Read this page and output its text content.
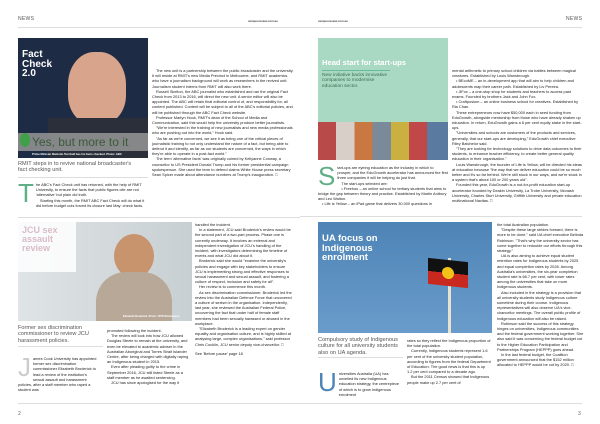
NEWS	campusreview.com.au
Fact Check 2.0
Yes, but more to it
Prime Minister Malcolm Turnbull has his facts checked. Photo: ABC
RMIT steps in to revive national broadcaster's fact checking unit.

The ABC's Fact Check unit has returned, with the help of RMIT University, to ensure the facts that public figures cite are not 'alternative' but plain old truth.

Starting this month, the RMIT ABC Fact Check will do what it did before budget cuts forced its closure last May: check facts.

The new unit is a partnership between the public broadcaster and the university. It will reside at RMIT's new Media Precinct in Melbourne, and RMIT academics who have a journalism background will work as researchers in the revived unit. Journalism student interns from RMIT will also work there.

Russell Skelton, the ABC journalist who established and ran the original Fact Check from 2013 to 2016, will direct the new unit. A senior editor will also be appointed. The ABC will retain final editorial control of, and responsibility for, all content published. Content will be subject to all of the ABC's editorial policies, and will be published through the ABC Fact Check website.

Professor Martyn Hook, RMIT's dean of the School of Media and Communication, said this would help the university produce better journalists.

"We're interested in the training of new journalists and new media professionals who are pushing out into the world," Hook said.

"As far as we're concerned, we see it as being one of the critical pieces of journalistic training to not only understand the nature of a fact, but being able to defend it and identify, as far as our students are concerned, the ways in which they're able to operate in a post-fact world."

The term 'alternative facts' was originally coined by Kellyanne Conway, a counsellor to US President Donald Trump and his former presidential campaign spokesperson. She used the term to defend claims White House press secretary Sean Spicer made about attendance numbers at Trump's inauguration. □

JCU sex assault review
Elizabeth Broderick. Photo: UPW Workspaces
Former sex discrimination commissioner to review JCU harassment policies.

James Cook University has appointed former sex discrimination commissioner Elizabeth Broderick to lead a review of the institution's sexual assault and harassment policies, after a staff member who raped a student was

promoted following the incident.

The review will look into how JCU allowed Douglas Steele to remain at the university, and even be elevated to academic adviser in the Australian Aboriginal and Torres Strait Islander Centre, after being charged with digitally raping an Indigenous student in 2015.

Even after pleading guilty to the crime in September 2016, JCU still listed Steele as a staff member as he awaited sentencing.

JCU has since apologised for the way it

handled the incident.

In a statement, JCU said Broderick's review would be the second part of a two-part process. Phase one is currently underway. It involves an external and independent investigation of JCU's handling of the incident, with investigators determining the timeline of events and what JCU did about it.

Broderick said she would "examine the university's policies and engage with key stakeholders to ensure JCU is implementing strong and effective responses to sexual harassment and sexual assault, and fostering a culture of respect, inclusion and safety for all".

Her review is to commence this month.

As sex discrimination commissioner, Broderick led the review into the Australian Defence Force that uncovered a culture of sexism in the organisation. Independently, last year, she reviewed the Australian Federal Police, uncovering the fact that under half of female staff members had been sexually harassed or abused in the workplace.

"Elizabeth Broderick is a leading expert on gender equality and organisation culture, and is highly skilled at analysing large, complex organisations," said professor Chris Cocklin, JCU senior deputy vice-chancellor. □

See 'Before pause' page 18

2
campusreview.com.au	NEWS
Head start for start-ups
New initiative backs innovative companies to modernise education sector.

Start-ups are eyeing education as the industry in which to prosper, and the EduGrowth accelerator has announced the first three companies it will be helping do just that.

The start-ups selected are:

• Freehou – an online school for tertiary students that aims to bridge the gap between theory and practice. Established by Martin Antbury and Leo Walton.

• Life is Yellow – an iPad game that delivers 30,000 questions in

mental arithmetic to primary school children via battles between magical creatures. Established by Louis Wansbrough.

• BEcoME – an in-development app that will aim to help children and adolescents map their career path. Established by Liv Pereira.

• JiFox – a one-stop shop for students and teachers to access past exams. Founded by brothers Jack and John Fox.

• Craftposium – an online business school for creatives. Established by Ria Chan.

These entrepreneurs now have $50,000 each in seed funding from EduGrowth, alongside mentorship from those who have already shaken up education. In return, EduGrowth gains a 6 per cent equity stake in the start-ups.

"Universities and schools are customers of the products and services, generally, that our start-ups are developing," EduGrowth chief executive Riley Batchelor said.

"They are looking for technology solutions to drive data outcomes to their students, to enhance teacher efficiency, to create better general quality education in their organisation."

Louis Wansbrough, the founder of Life is Yellow, will be directed his ideas at education because "the way that we deliver education could be so much better and it's so far behind. We're still stuck in our ways, and we're stuck in a system that's about 100 or 200 years old".

Founded this year, EduGrowth is a not-for-profit education start-up accelerator founded by Deakin University, La Trobe University, Monash University, Charles Sturt University, Griffith University and private education multinational Navitas. □

UA focus on Indigenous enrolment
Compulsory study of Indigenous culture for all university students also on UA agenda.

Universities Australia (UA) has unveiled its new Indigenous education strategy, the centrepiece of which is to grow Indigenous enrolment

rates so they reflect the Indigenous proportion of the total population.

Currently, Indigenous students represent 1.6 per cent of the university student population, according to figures from the federal Department of Education. The good news is that this is up 1.2 per cent compared to a decade ago.

But the 2011 Census showed that Indigenous people make up 2.7 per cent of

the total Australian population.

"Despite these large strides forward, there is more to be done," said UA chief executive Belinda Robinson. "That's why the university sector has come together to redouble our efforts through this strategy."

UA is also aiming to achieve equal student retention rates for Indigenous students by 2025 and equal completion rates by 2028. Among Australia's universities, the six-year completion student rate is 66.7 per cent, with lower rates among the universities that take on more Indigenous students.

Also included in the strategy is a provision that all university students study Indigenous culture sometime during their course. Indigenous representatives will also observe UA's vice-chancellor meetings. The overall public profile of Indigenous education will also be raised.

Robinson said the success of this strategy hinges on universities, Indigenous communities and the federal government working together. She also said it was concerning the federal budget cut to the Higher Education Participation and Partnerships Program (HEPPP) goes ahead.

In the last federal budget, the Coalition government announced that the $152 million allocated to HEPPP would be cut by 2020. □

3
